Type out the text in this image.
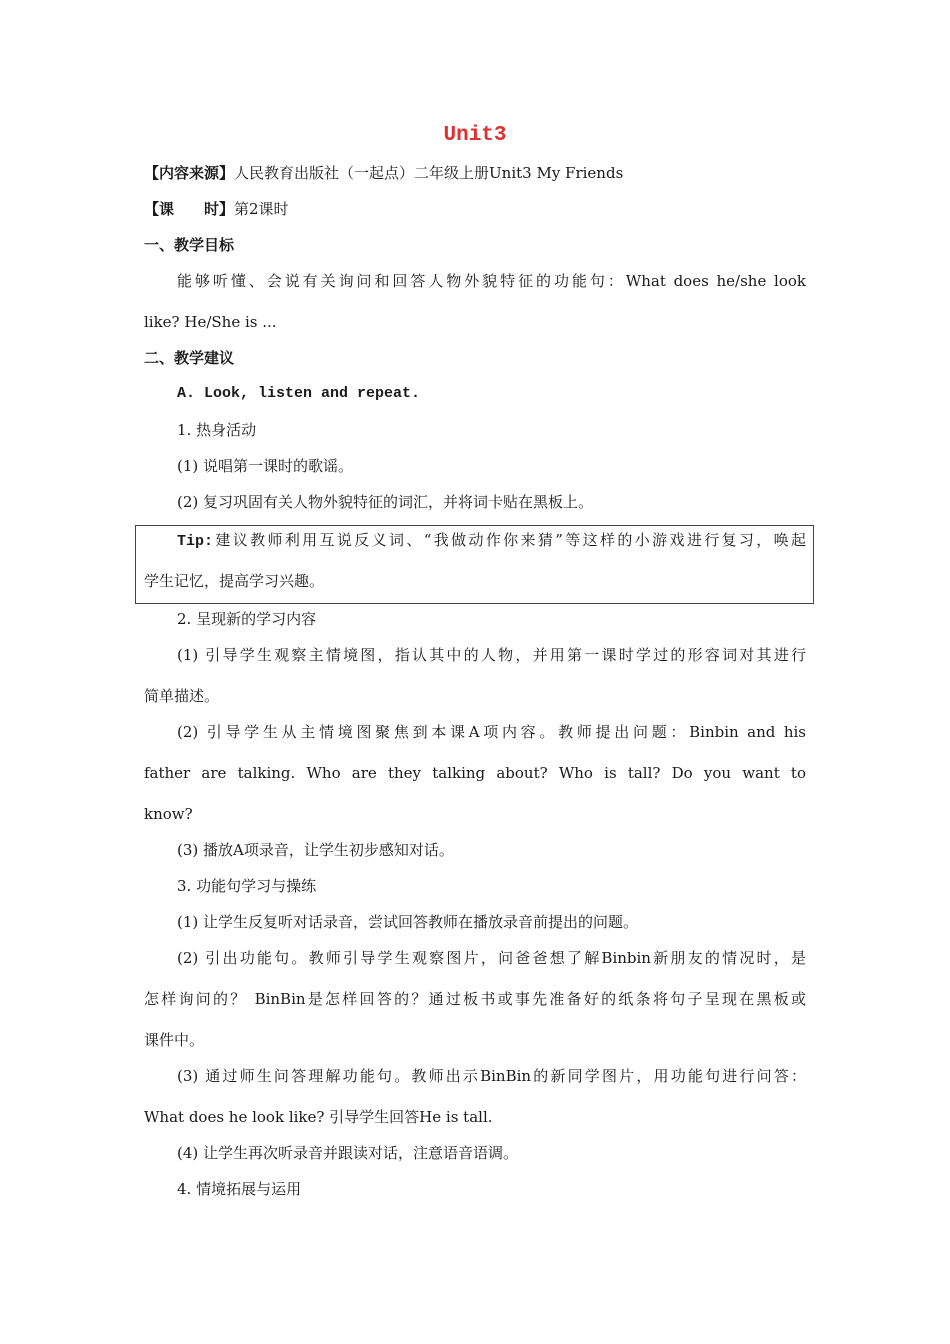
Unit3
【内容来源】人民教育出版社（一起点）二年级上册Unit3 My Friends
【课　　时】第2课时
一、教学目标
能够听懂、会说有关询问和回答人物外貌特征的功能句：What does he/she look
like? He/She is ...
二、教学建议
A. Look, listen and repeat.
1. 热身活动
(1) 说唱第一课时的歌谣。
(2) 复习巩固有关人物外貌特征的词汇，并将词卡贴在黑板上。
Tip:建议教师利用互说反义词、“我做动作你来猜”等这样的小游戏进行复习，唤起
学生记忆，提高学习兴趣。
2. 呈现新的学习内容
(1) 引导学生观察主情境图，指认其中的人物，并用第一课时学过的形容词对其进行
简单描述。
(2) 引导学生从主情境图聚焦到本课A项内容。教师提出问题：Binbin and his
father are talking. Who are they talking about? Who is tall? Do you want to
know?
(3) 播放A项录音，让学生初步感知对话。
3. 功能句学习与操练
(1) 让学生反复听对话录音，尝试回答教师在播放录音前提出的问题。
(2) 引出功能句。教师引导学生观察图片，问爸爸想了解Binbin新朋友的情况时，是
怎样询问的？ BinBin是怎样回答的？通过板书或事先准备好的纸条将句子呈现在黑板或
课件中。
(3) 通过师生问答理解功能句。教师出示BinBin的新同学图片，用功能句进行问答：
What does he look like? 引导学生回答He is tall.
(4) 让学生再次听录音并跟读对话，注意语音语调。
4. 情境拓展与运用
